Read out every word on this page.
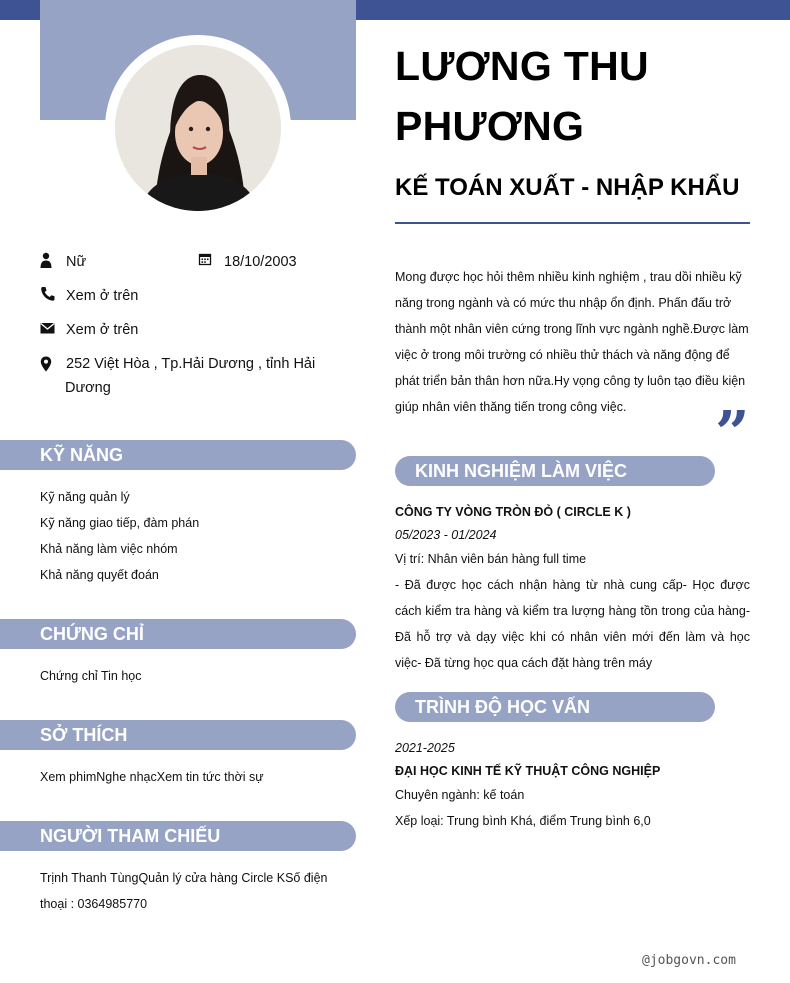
Nữ	18/10/2003
Xem ở trên
Xem ở trên
252 Việt Hòa , Tp.Hải Dương , tỉnh Hải Dương
KỸ NĂNG
Kỹ năng quản lý
Kỹ năng giao tiếp, đàm phán
Khả năng làm việc nhóm
Khả năng quyết đoán
CHỨNG CHỈ
Chứng chỉ Tin học
SỞ THÍCH
Xem phimNghe nhạcXem tin tức thời sự
NGƯỜI THAM CHIẾU
Trịnh Thanh TùngQuản lý cửa hàng Circle KSố điện thoại : 0364985770
LƯƠNG THU PHƯƠNG
KẾ TOÁN XUẤT - NHẬP KHẨU
Mong được học hỏi thêm nhiều kinh nghiệm , trau dồi nhiều kỹ năng trong ngành và có mức thu nhập ổn định. Phấn đấu trở thành một nhân viên cứng trong lĩnh vực ngành nghề.Được làm việc ở trong môi trường có nhiều thử thách và năng động để phát triển bản thân hơn nữa.Hy vọng công ty luôn tạo điều kiện giúp nhân viên thăng tiến trong công việc.	”
KINH NGHIỆM LÀM VIỆC
CÔNG TY VÒNG TRÒN ĐỎ ( CIRCLE K )
05/2023 - 01/2024
Vị trí: Nhân viên bán hàng full time
- Đã được học cách nhận hàng từ nhà cung cấp- Học được cách kiểm tra hàng và kiểm tra lượng hàng tồn trong của hàng- Đã hỗ trợ và dạy việc khi có nhân viên mới đến làm và học việc- Đã từng học qua cách đặt hàng trên máy
TRÌNH ĐỘ HỌC VẤN
2021-2025
ĐẠI HỌC KINH TẾ KỸ THUẬT CÔNG NGHIỆP
Chuyên ngành: kế toán
Xếp loại: Trung bình Khá, điểm Trung bình 6,0
@jobgovn.com
